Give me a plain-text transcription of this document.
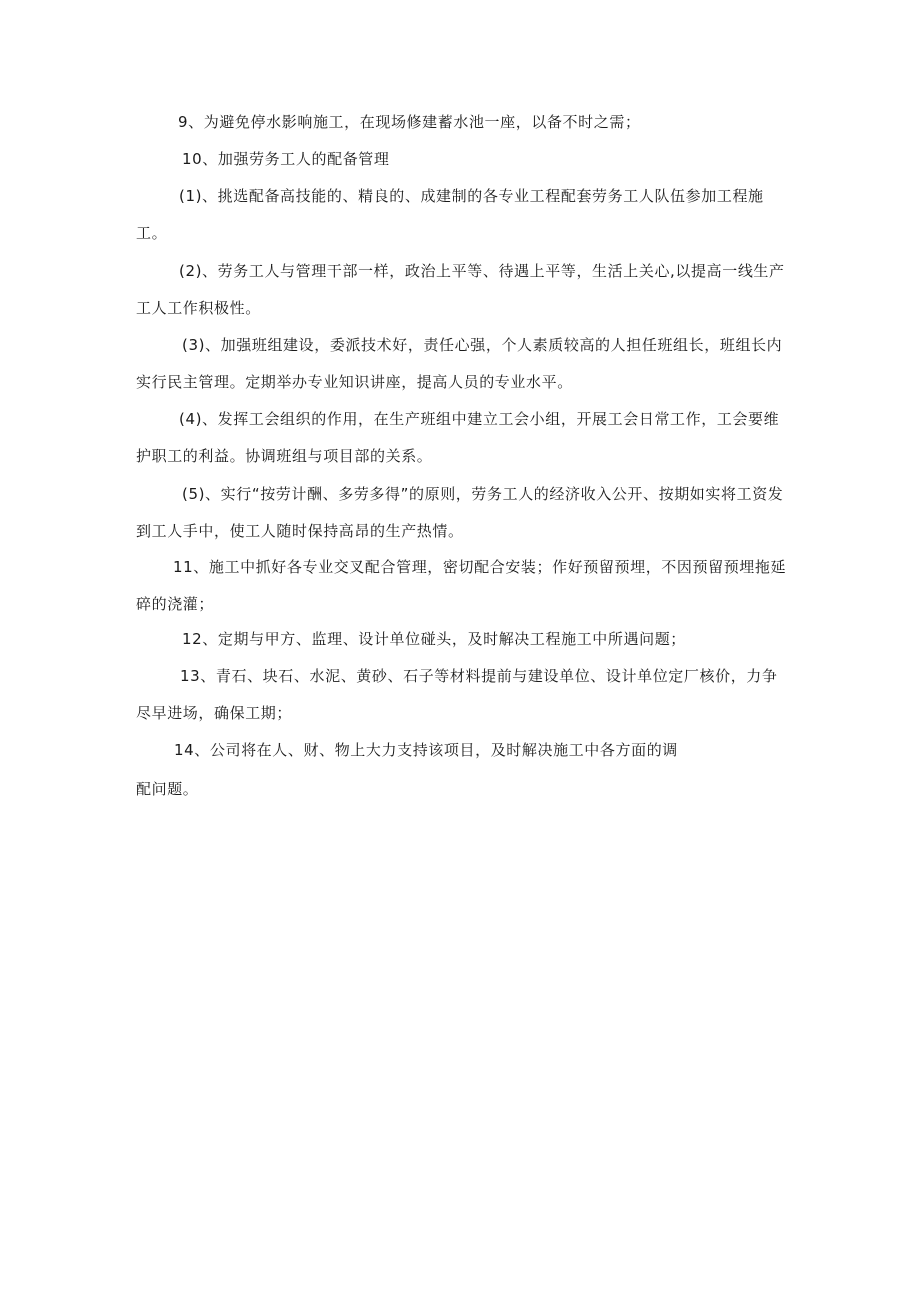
9、为避免停水影响施工，在现场修建蓄水池一座，以备不时之需；

10、加强劳务工人的配备管理

(1)、挑选配备高技能的、精良的、成建制的各专业工程配套劳务工人队伍参加工程施工。

(2)、劳务工人与管理干部一样，政治上平等、待遇上平等，生活上关心,以提高一线生产工人工作积极性。

(3)、加强班组建设，委派技术好，责任心强，个人素质较高的人担任班组长，班组长内实行民主管理。定期举办专业知识讲座，提高人员的专业水平。

(4)、发挥工会组织的作用，在生产班组中建立工会小组，开展工会日常工作，工会要维护职工的利益。协调班组与项目部的关系。

(5)、实行“按劳计酬、多劳多得”的原则，劳务工人的经济收入公开、按期如实将工资发到工人手中，使工人随时保持高昂的生产热情。

11、施工中抓好各专业交叉配合管理，密切配合安装；作好预留预埋，不因预留预埋拖延碎的浇灌；

12、定期与甲方、监理、设计单位碰头，及时解决工程施工中所遇问题；

13、青石、块石、水泥、黄砂、石子等材料提前与建设单位、设计单位定厂核价，力争尽早进场，确保工期；

14、公司将在人、财、物上大力支持该项目，及时解决施工中各方面的调

配问题。
